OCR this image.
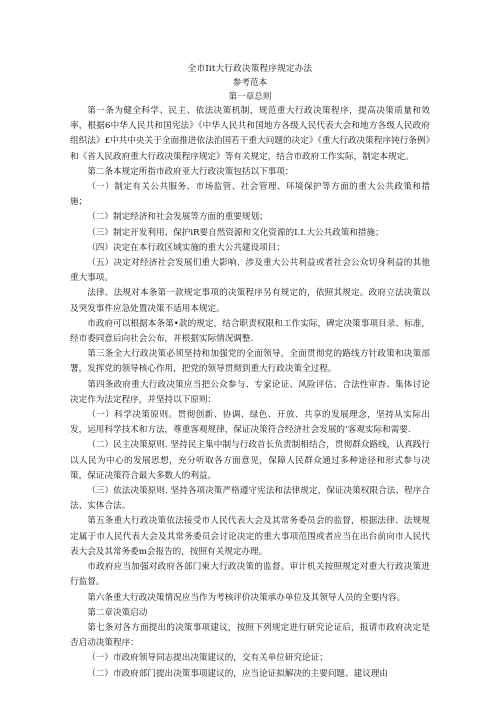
全市Iit大行政决策程序规定办法

参考范本

第一章总则

第一条为健全科学、民主、依法决策机制，规范重大行政决策程序，提高决策质量和效率，根据6中华人民共和国宪法》《中华人民共和国地方各级人民代表大会和地方各级人民政府组织法》£中共中央关于全面推进依法治国若干重大问题的决定》《重大行政决策程序钝行条例》和《省人民政府重大行政决策程序规定》等有关规定，结合市政府工作实际，制定本规定。

第二条本规定所指市政府亚大行政决策包括以下事项：

（一）制定有关公共服务、市场监管、社会管理、环境保护等方面的重大公共政策和措施；

（二）制定经济和社会发展等方面的重要规划；

（三）制定开发利用、保护iR要自然资源和文化资源的I.I.大公共政策和措施；

（四）决定在本行政区域实施的重大公共建设项目；

（五）决定对经济社会发展们重大影响、涉及重大公共利益或者社会公众切身利益的其他重大事项。

法律、法规对本条第一款规定事项的决策程序另有规定的，依照其规定。政府立法决策以及突发事件应急处置决策不适用本规定。

市政府可以根据本条第•款的规定，结合职责权限和工作实际，碑定决策事项目录、标准，经市委同意后向社会公布，并根据实际情况调整.

第三条全大行政决策必须坚持和加强党的全面领导，全面贯彻党的路线方针政策和决策部署，发挥党的领导核心作用，把党的领导贯彻到重大行政决策全过程。

第四条政府重大行政决策应当把公众参与、专家论证、风险评估、合法性审杳、集体讨论决定作为法定程序，并坚持以下原则：

（一）科学决策原则。贯彻创新、协调、绿色、开放、共享的发展理念，坚持从实际出发，运用科学技术和方法，尊重客观规律，保证决策符合经济社会发展的‘客观实际和需要.

（二）民主决策原则. 坚持民主集中制与行政首长负责制相结合，贯彻群众路线，认真践行以人民为中心的发展思想，充分听取各方面意见，保障人民群众通过多种途径和形式参与决策，保证决策符合最大多数人的利益。

（三）依法决策原则. 坚持各项决策严格遵守宪法和法律规定，保证决策权限合法、程序合法、实体合法。

第五条重大行政决策依法接受市人民代表大会及其常务委员会的监督，根据法律、法规规定属于市人民代表大会及其常务委员会讨论决定的重大事项范围或者应当在出台前向市人民代表大会及其常务委m会报告的，按照有关规定办理。

市政府应当加强对政府各部门柬大行政决策的监督。审计机关按照规定对重大行政决策进行监督。

第六条重大行政决策情况应当作为考核评价决策承办单位及其领导人员的全要内容。

第二章决策启动

第七条对各方面提出的决策事项建议，按照下列规定进行研究论证后，报请市政府决定是否启动决策程序：

（一）市政府领导同志提出决策建议的，交有关单位研究论证；

（二）市政府部门提出决策事项建议的，应当论证拟解决的主要问题、建议理由
